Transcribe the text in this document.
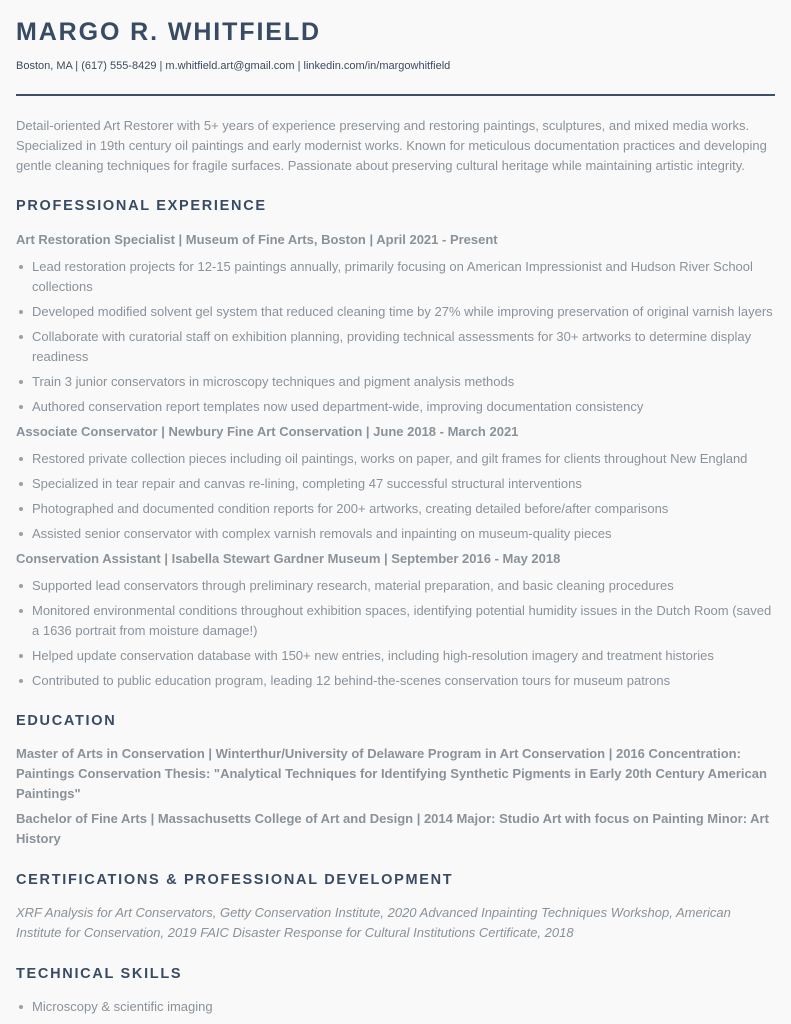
MARGO R. WHITFIELD
Boston, MA | (617) 555-8429 | m.whitfield.art@gmail.com | linkedin.com/in/margowhitfield

Detail-oriented Art Restorer with 5+ years of experience preserving and restoring paintings, sculptures, and mixed media works. Specialized in 19th century oil paintings and early modernist works. Known for meticulous documentation practices and developing gentle cleaning techniques for fragile surfaces. Passionate about preserving cultural heritage while maintaining artistic integrity.

PROFESSIONAL EXPERIENCE
Art Restoration Specialist | Museum of Fine Arts, Boston | April 2021 - Present
Lead restoration projects for 12-15 paintings annually, primarily focusing on American Impressionist and Hudson River School collections
Developed modified solvent gel system that reduced cleaning time by 27% while improving preservation of original varnish layers
Collaborate with curatorial staff on exhibition planning, providing technical assessments for 30+ artworks to determine display readiness
Train 3 junior conservators in microscopy techniques and pigment analysis methods
Authored conservation report templates now used department-wide, improving documentation consistency
Associate Conservator | Newbury Fine Art Conservation | June 2018 - March 2021
Restored private collection pieces including oil paintings, works on paper, and gilt frames for clients throughout New England
Specialized in tear repair and canvas re-lining, completing 47 successful structural interventions
Photographed and documented condition reports for 200+ artworks, creating detailed before/after comparisons
Assisted senior conservator with complex varnish removals and inpainting on museum-quality pieces
Conservation Assistant | Isabella Stewart Gardner Museum | September 2016 - May 2018
Supported lead conservators through preliminary research, material preparation, and basic cleaning procedures
Monitored environmental conditions throughout exhibition spaces, identifying potential humidity issues in the Dutch Room (saved a 1636 portrait from moisture damage!)
Helped update conservation database with 150+ new entries, including high-resolution imagery and treatment histories
Contributed to public education program, leading 12 behind-the-scenes conservation tours for museum patrons
EDUCATION
Master of Arts in Conservation | Winterthur/University of Delaware Program in Art Conservation | 2016 Concentration: Paintings Conservation Thesis: "Analytical Techniques for Identifying Synthetic Pigments in Early 20th Century American Paintings"
Bachelor of Fine Arts | Massachusetts College of Art and Design | 2014 Major: Studio Art with focus on Painting Minor: Art History
CERTIFICATIONS & PROFESSIONAL DEVELOPMENT
XRF Analysis for Art Conservators, Getty Conservation Institute, 2020 Advanced Inpainting Techniques Workshop, American Institute for Conservation, 2019 FAIC Disaster Response for Cultural Institutions Certificate, 2018
TECHNICAL SKILLS
Microscopy & scientific imaging
